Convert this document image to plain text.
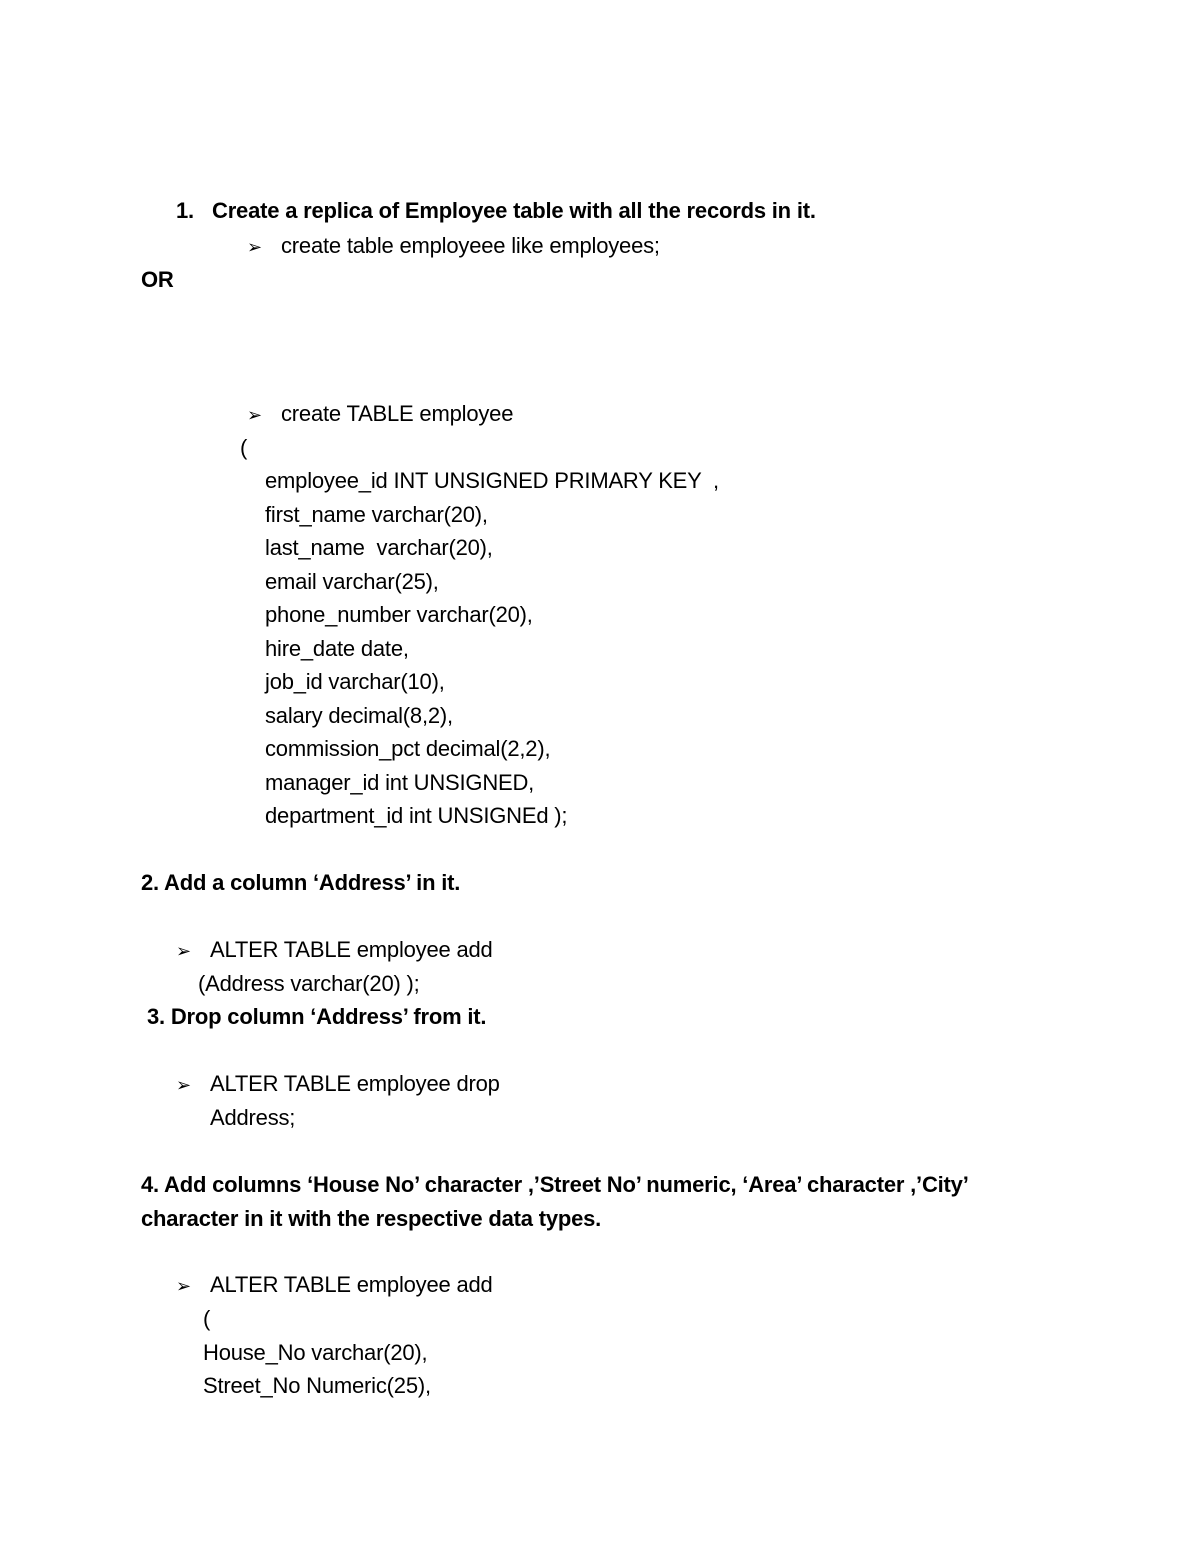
1. Create a replica of Employee table with all the records in it.
➢ create table employeee like employees;
OR
➢ create TABLE employee
(
employee_id INT UNSIGNED PRIMARY KEY  ,
first_name varchar(20),
last_name  varchar(20),
email varchar(25),
phone_number varchar(20),
hire_date date,
job_id varchar(10),
salary decimal(8,2),
commission_pct decimal(2,2),
manager_id int UNSIGNED,
department_id int UNSIGNEd );
2. Add a column ‘Address’ in it.
➢ ALTER TABLE employee add
(Address varchar(20) );
3. Drop column ‘Address’ from it.
➢ ALTER TABLE employee drop
Address;
4. Add columns ‘House No’ character ,’Street No’ numeric, ‘Area’ character ,’City’
character in it with the respective data types.
➢ ALTER TABLE employee add
(
House_No varchar(20),
Street_No Numeric(25),
